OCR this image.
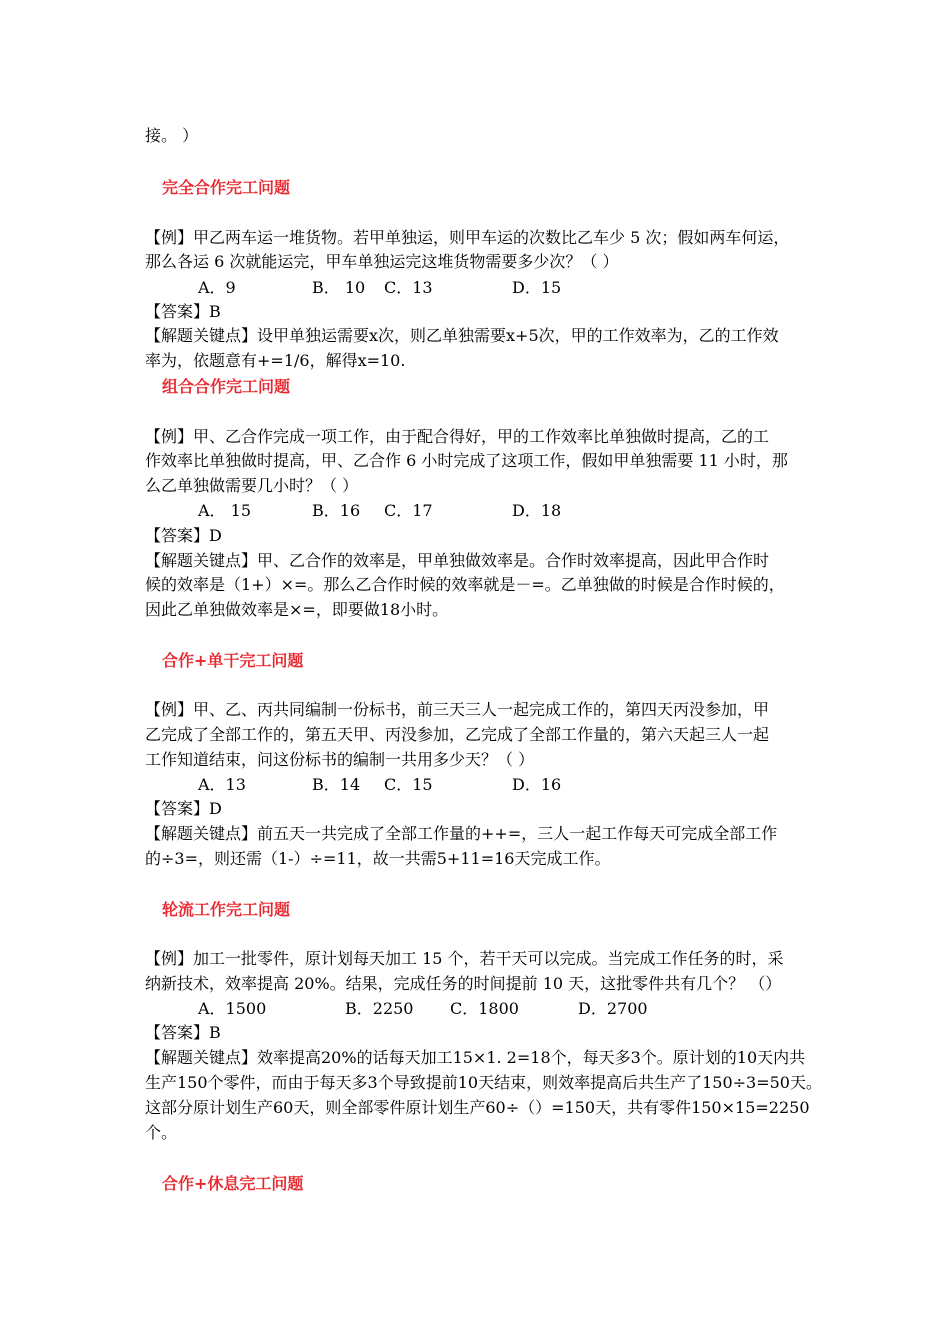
接。 ）
完全合作完工问题
【例】甲乙两车运一堆货物。若甲单独运，则甲车运的次数比乙车少 5 次；假如两车何运，
那么各运 6 次就能运完，甲车单独运完这堆货物需要多少次？（ ）
A．9	B． 10 C．13	D．15
【答案】B
【解题关键点】设甲单独运需要x次，则乙单独需要x+5次，甲的工作效率为，乙的工作效
率为，依题意有+=1/6，解得x=10.
组合合作完工问题
【例】甲、乙合作完成一项工作，由于配合得好，甲的工作效率比单独做时提高，乙的工
作效率比单独做时提高，甲、乙合作 6 小时完成了这项工作，假如甲单独需要 11 小时，那
么乙单独做需要几小时？（ ）
A． 15	B．16 C．17	D．18
【答案】D
【解题关键点】甲、乙合作的效率是，甲单独做效率是。合作时效率提高，因此甲合作时
候的效率是（1+）×=。那么乙合作时候的效率就是－=。乙单独做的时候是合作时候的，
因此乙单独做效率是×=，即要做18小时。
合作+单干完工问题
【例】甲、乙、丙共同编制一份标书，前三天三人一起完成工作的，第四天丙没参加，甲
乙完成了全部工作的，第五天甲、丙没参加，乙完成了全部工作量的，第六天起三人一起
工作知道结束，问这份标书的编制一共用多少天？（ ）
A．13	B．14 C．15	D．16
【答案】D
【解题关键点】前五天一共完成了全部工作量的++=，三人一起工作每天可完成全部工作
的÷3=，则还需（1-）÷=11，故一共需5+11=16天完成工作。
轮流工作完工问题
【例】加工一批零件，原计划每天加工 15 个，若干天可以完成。当完成工作任务的时，采
纳新技术，效率提高 20%。结果，完成任务的时间提前 10 天，这批零件共有几个？ （）
A．1500	B．2250 C．1800	D．2700
【答案】B
【解题关键点】效率提高20%的话每天加工15×1. 2=18个，每天多3个。原计划的10天内共
生产150个零件，而由于每天多3个导致提前10天结束，则效率提高后共生产了150÷3=50天。
这部分原计划生产60天，则全部零件原计划生产60÷（）=150天，共有零件150×15=2250
个。
合作+休息完工问题
